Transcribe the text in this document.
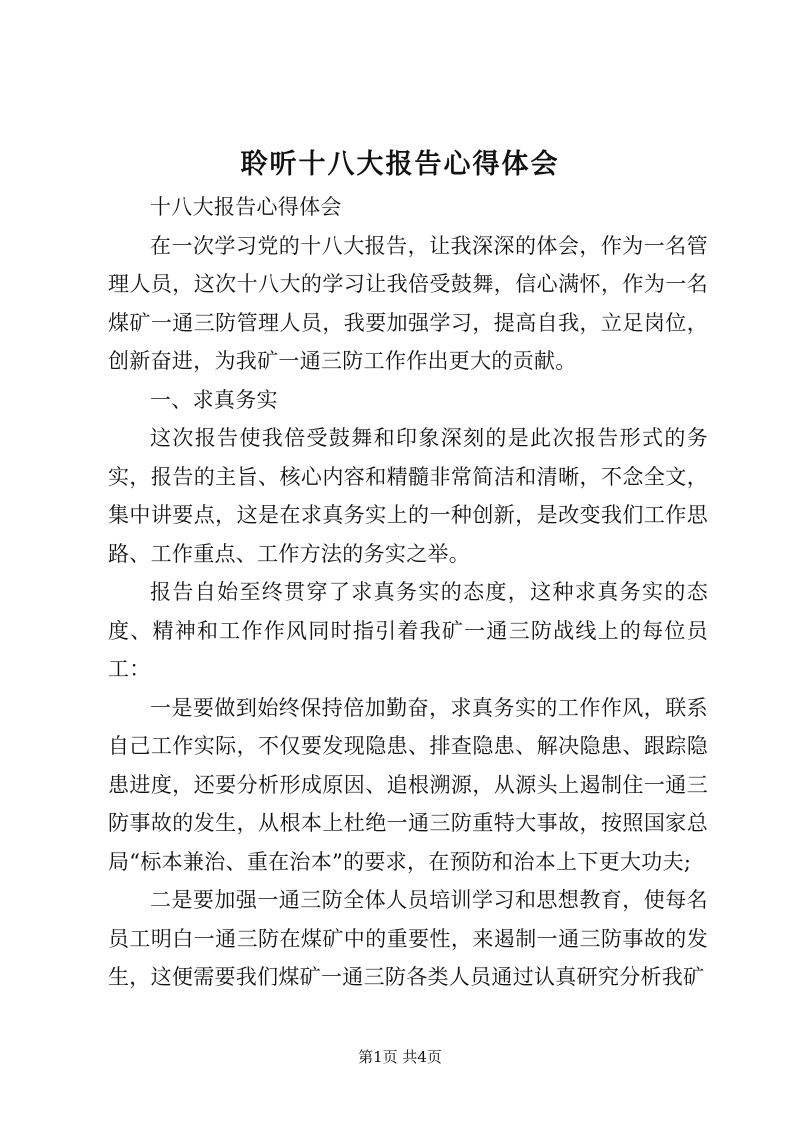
聆听十八大报告心得体会

十八大报告心得体会

在一次学习党的十八大报告，让我深深的体会，作为一名管理人员，这次十八大的学习让我倍受鼓舞，信心满怀，作为一名煤矿一通三防管理人员，我要加强学习，提高自我，立足岗位，创新奋进，为我矿一通三防工作作出更大的贡献。

一、求真务实

这次报告使我倍受鼓舞和印象深刻的是此次报告形式的务实，报告的主旨、核心内容和精髓非常简洁和清晰，不念全文，集中讲要点，这是在求真务实上的一种创新，是改变我们工作思路、工作重点、工作方法的务实之举。

报告自始至终贯穿了求真务实的态度，这种求真务实的态度、精神和工作作风同时指引着我矿一通三防战线上的每位员工：

一是要做到始终保持倍加勤奋，求真务实的工作作风，联系自己工作实际，不仅要发现隐患、排查隐患、解决隐患、跟踪隐患进度，还要分析形成原因、追根溯源，从源头上遏制住一通三防事故的发生，从根本上杜绝一通三防重特大事故，按照国家总局“标本兼治、重在治本”的要求，在预防和治本上下更大功夫;

二是要加强一通三防全体人员培训学习和思想教育，使每名员工明白一通三防在煤矿中的重要性，来遏制一通三防事故的发生，这便需要我们煤矿一通三防各类人员通过认真研究分析我矿

第1页 共4页
